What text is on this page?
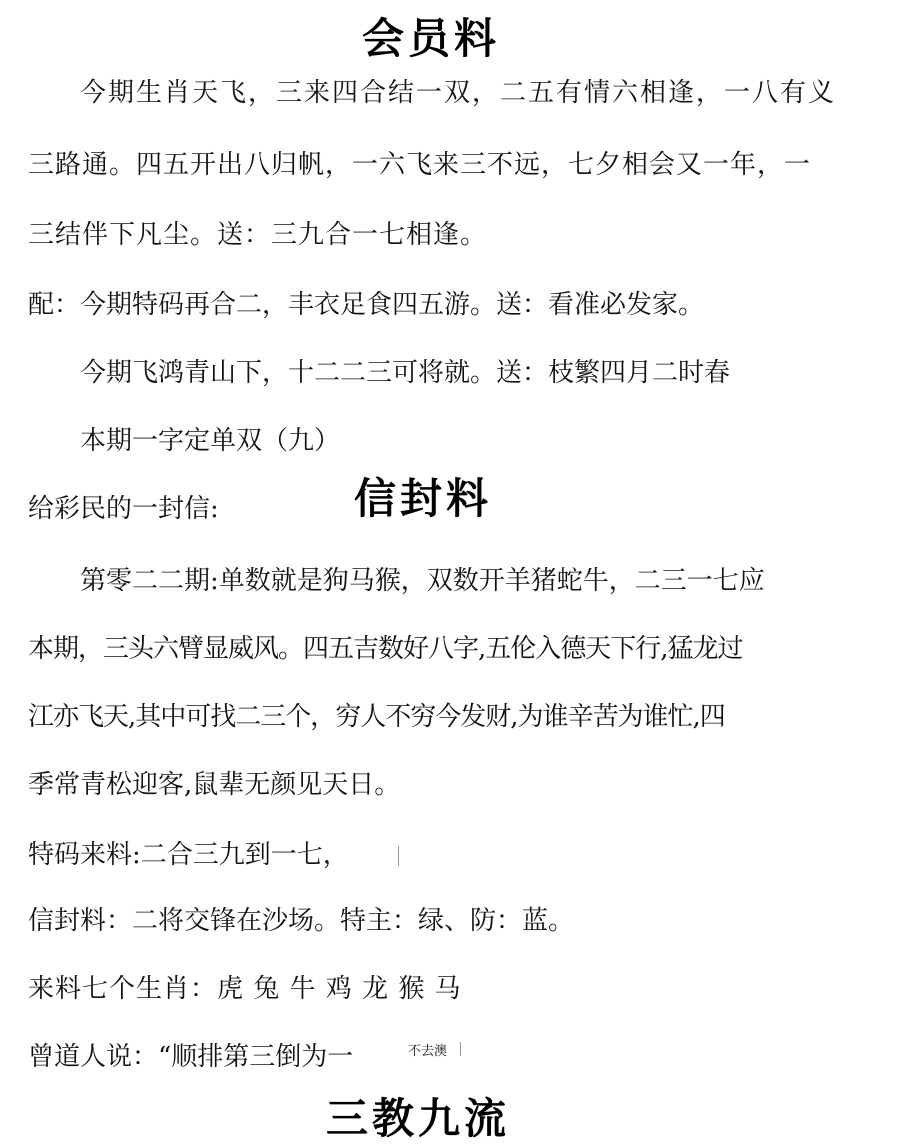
会员料
今期生肖天飞，三来四合结一双，二五有情六相逢，一八有义
三路通。四五开出八归帆，一六飞来三不远，七夕相会又一年，一
三结伴下凡尘。送：三九合一七相逢。
配：今期特码再合二，丰衣足食四五游。送：看准必发家。
今期飞鸿青山下，十二二三可将就。送：枝繁四月二时春
本期一字定单双（九）
给彩民的一封信:	信封料
第零二二期:单数就是狗马猴，双数开羊猪蛇牛，二三一七应
本期，三头六臂显威风。四五吉数好八字,五伦入德天下行,猛龙过
江亦飞天,其中可找二三个，穷人不穷今发财,为谁辛苦为谁忙,四
季常青松迎客,鼠辈无颜见天日。
特码来料:二合三九到一七，
信封料：二将交锋在沙场。特主：绿、防：蓝。
来料七个生肖：虎 兔 牛 鸡 龙 猴 马
曾道人说：“顺排第三倒为一	不去澳
三教九流
